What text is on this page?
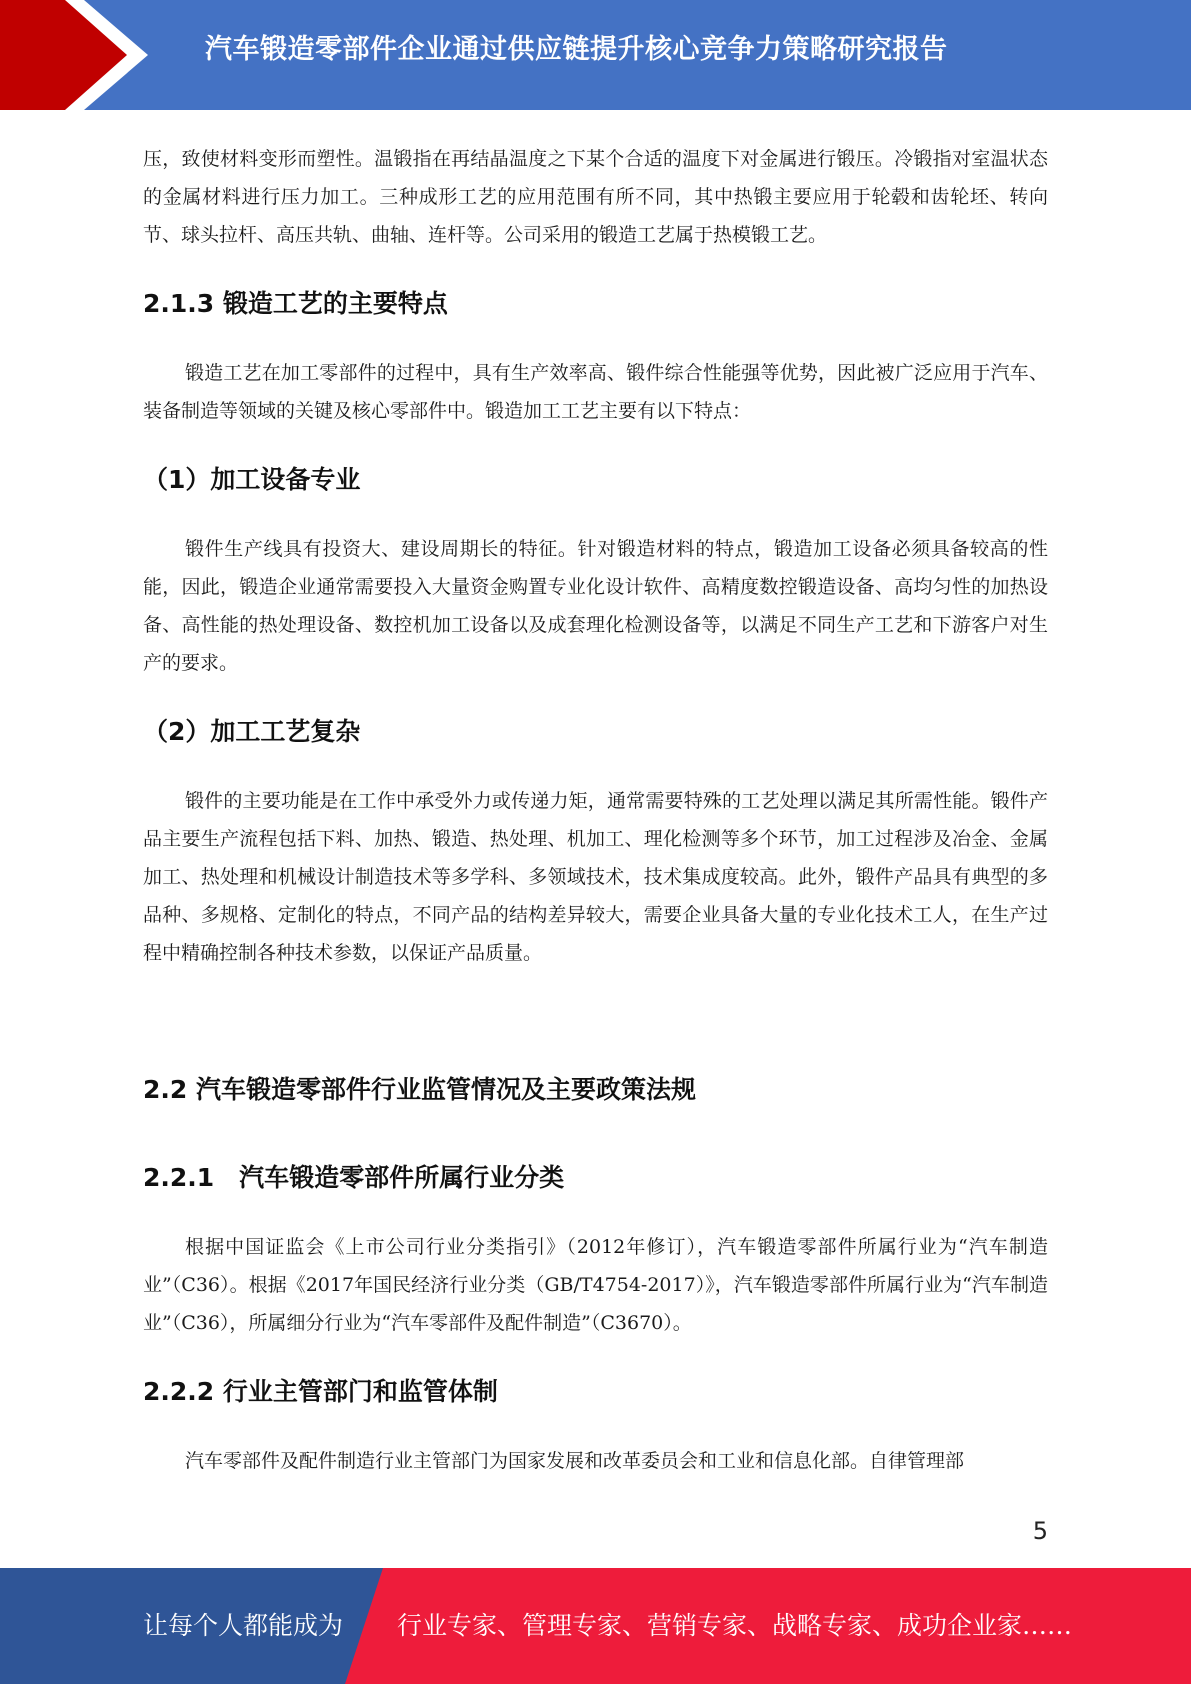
汽车锻造零部件企业通过供应链提升核心竞争力策略研究报告

压，致使材料变形而塑性。温锻指在再结晶温度之下某个合适的温度下对金属进行锻压。冷锻指对室温状态的金属材料进行压力加工。三种成形工艺的应用范围有所不同，其中热锻主要应用于轮毂和齿轮坯、转向节、球头拉杆、高压共轨、曲轴、连杆等。公司采用的锻造工艺属于热模锻工艺。

2.1.3 锻造工艺的主要特点

锻造工艺在加工零部件的过程中，具有生产效率高、锻件综合性能强等优势，因此被广泛应用于汽车、装备制造等领域的关键及核心零部件中。锻造加工工艺主要有以下特点：

（1）加工设备专业

锻件生产线具有投资大、建设周期长的特征。针对锻造材料的特点，锻造加工设备必须具备较高的性能，因此，锻造企业通常需要投入大量资金购置专业化设计软件、高精度数控锻造设备、高均匀性的加热设备、高性能的热处理设备、数控机加工设备以及成套理化检测设备等，以满足不同生产工艺和下游客户对生产的要求。

（2）加工工艺复杂

锻件的主要功能是在工作中承受外力或传递力矩，通常需要特殊的工艺处理以满足其所需性能。锻件产品主要生产流程包括下料、加热、锻造、热处理、机加工、理化检测等多个环节，加工过程涉及冶金、金属加工、热处理和机械设计制造技术等多学科、多领域技术，技术集成度较高。此外，锻件产品具有典型的多品种、多规格、定制化的特点，不同产品的结构差异较大，需要企业具备大量的专业化技术工人，在生产过程中精确控制各种技术参数，以保证产品质量。

2.2 汽车锻造零部件行业监管情况及主要政策法规
2.2.1　汽车锻造零部件所属行业分类

根据中国证监会《上市公司行业分类指引》（2012年修订），汽车锻造零部件所属行业为“汽车制造业”（C36）。根据《2017年国民经济行业分类（GB/T4754-2017）》，汽车锻造零部件所属行业为“汽车制造业”（C36），所属细分行业为“汽车零部件及配件制造”（C3670）。

2.2.2 行业主管部门和监管体制

汽车零部件及配件制造行业主管部门为国家发展和改革委员会和工业和信息化部。自律管理部

5
让每个人都能成为 行业专家、管理专家、营销专家、战略专家、成功企业家……
